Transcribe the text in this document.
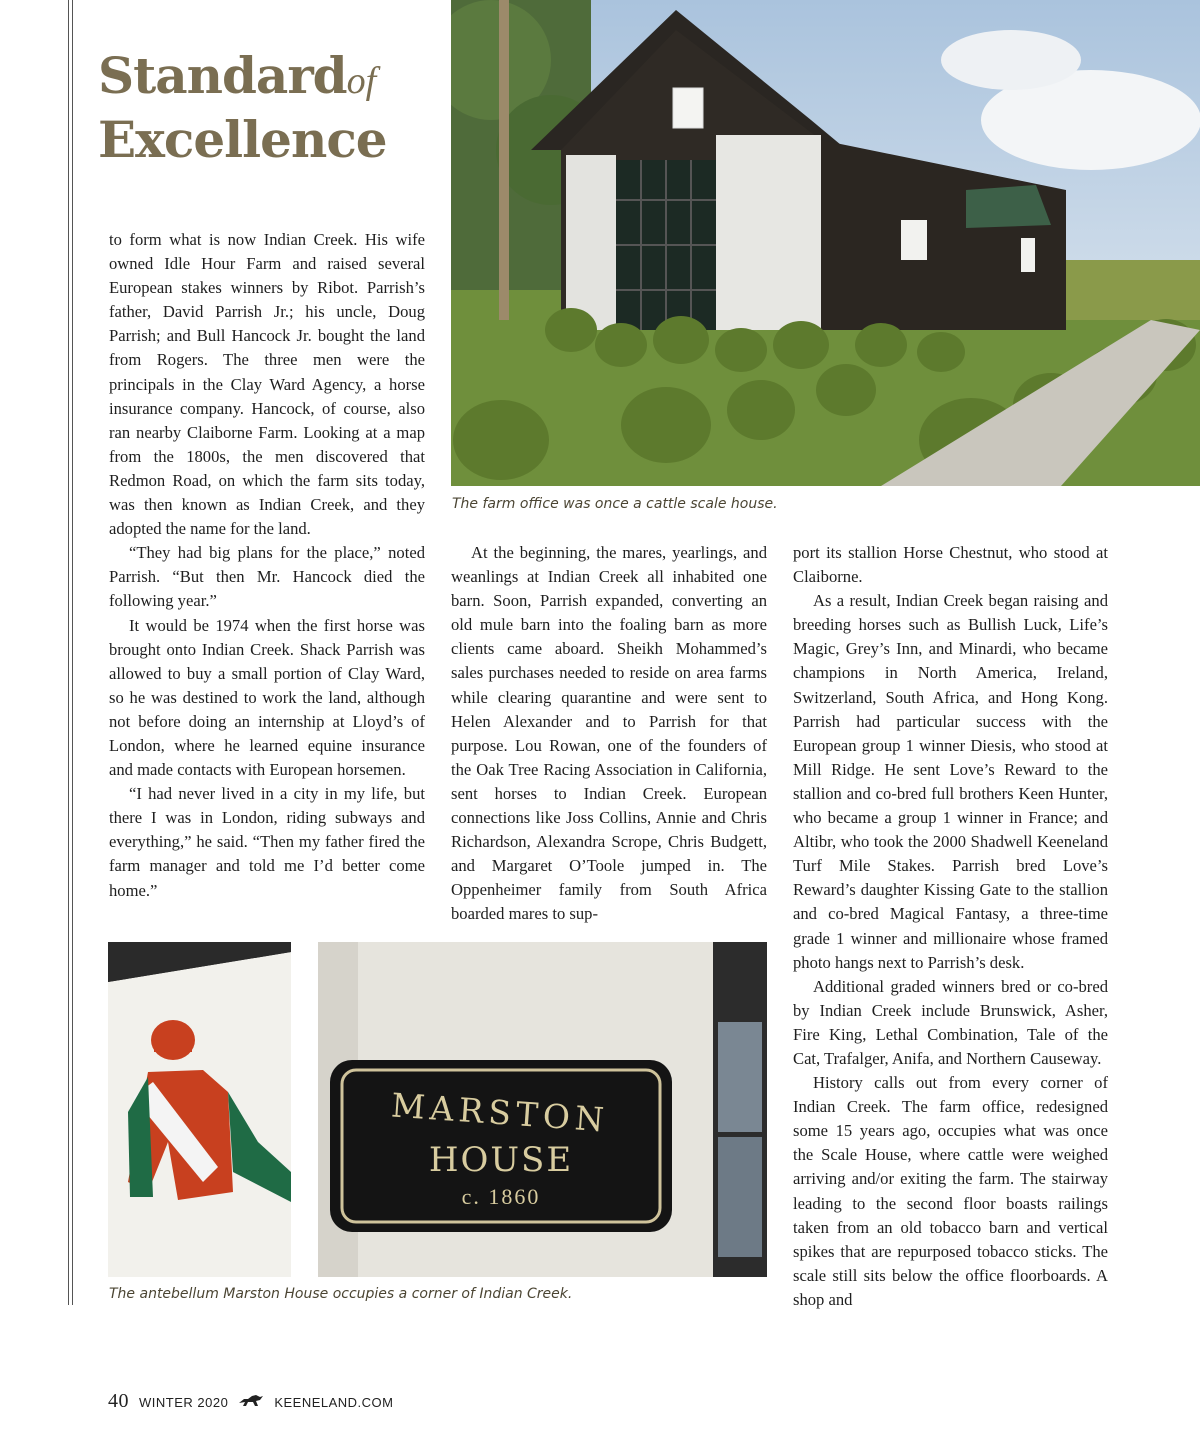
Standardof
Excellence
The farm office was once a cattle scale house.

to form what is now Indian Creek. His wife owned Idle Hour Farm and raised several European stakes winners by Ribot. Parrish’s father, David Parrish Jr.; his uncle, Doug Parrish; and Bull Hancock Jr. bought the land from Rogers. The three men were the principals in the Clay Ward Agency, a horse insurance company. Hancock, of course, also ran nearby Claiborne Farm. Looking at a map from the 1800s, the men discovered that Redmon Road, on which the farm sits today, was then known as Indian Creek, and they adopted the name for the land.

“They had big plans for the place,” noted Parrish. “But then Mr. Hancock died the following year.”

It would be 1974 when the first horse was brought onto Indian Creek. Shack Parrish was allowed to buy a small portion of Clay Ward, so he was destined to work the land, although not before doing an internship at Lloyd’s of London, where he learned equine insurance and made contacts with European horsemen.

“I had never lived in a city in my life, but there I was in London, riding subways and everything,” he said. “Then my father fired the farm manager and told me I’d better come home.”

At the beginning, the mares, yearlings, and weanlings at Indian Creek all inhabited one barn. Soon, Parrish expanded, converting an old mule barn into the foaling barn as more clients came aboard. Sheikh Mohammed’s sales purchases needed to reside on area farms while clearing quarantine and were sent to Helen Alexander and to Parrish for that purpose. Lou Rowan, one of the founders of the Oak Tree Racing Association in California, sent horses to Indian Creek. European connections like Joss Collins, Annie and Chris Richardson, Alexandra Scrope, Chris Budgett, and Margaret O’Toole jumped in. The Oppenheimer family from South Africa boarded mares to sup-

port its stallion Horse Chestnut, who stood at Claiborne.

As a result, Indian Creek began raising and breeding horses such as Bullish Luck, Life’s Magic, Grey’s Inn, and Minardi, who became champions in North America, Ireland, Switzerland, South Africa, and Hong Kong. Parrish had particular success with the European group 1 winner Diesis, who stood at Mill Ridge. He sent Love’s Reward to the stallion and co-bred full brothers Keen Hunter, who became a group 1 winner in France; and Altibr, who took the 2000 Shadwell Keeneland Turf Mile Stakes. Parrish bred Love’s Reward’s daughter Kissing Gate to the stallion and co-bred Magical Fantasy, a three-time grade 1 winner and millionaire whose framed photo hangs next to Parrish’s desk.

Additional graded winners bred or co-bred by Indian Creek include Brunswick, Asher, Fire King, Lethal Combination, Tale of the Cat, Trafalger, Anifa, and Northern Causeway.

History calls out from every corner of Indian Creek. The farm office, redesigned some 15 years ago, occupies what was once the Scale House, where cattle were weighed arriving and/or exiting the farm. The stairway leading to the second floor boasts railings taken from an old tobacco barn and vertical spikes that are repurposed tobacco sticks. The scale still sits below the office floorboards. A shop and

MARSTON
HOUSE
c. 1860
The antebellum Marston House occupies a corner of Indian Creek.
40 WINTER 2020	KEENELAND.COM
